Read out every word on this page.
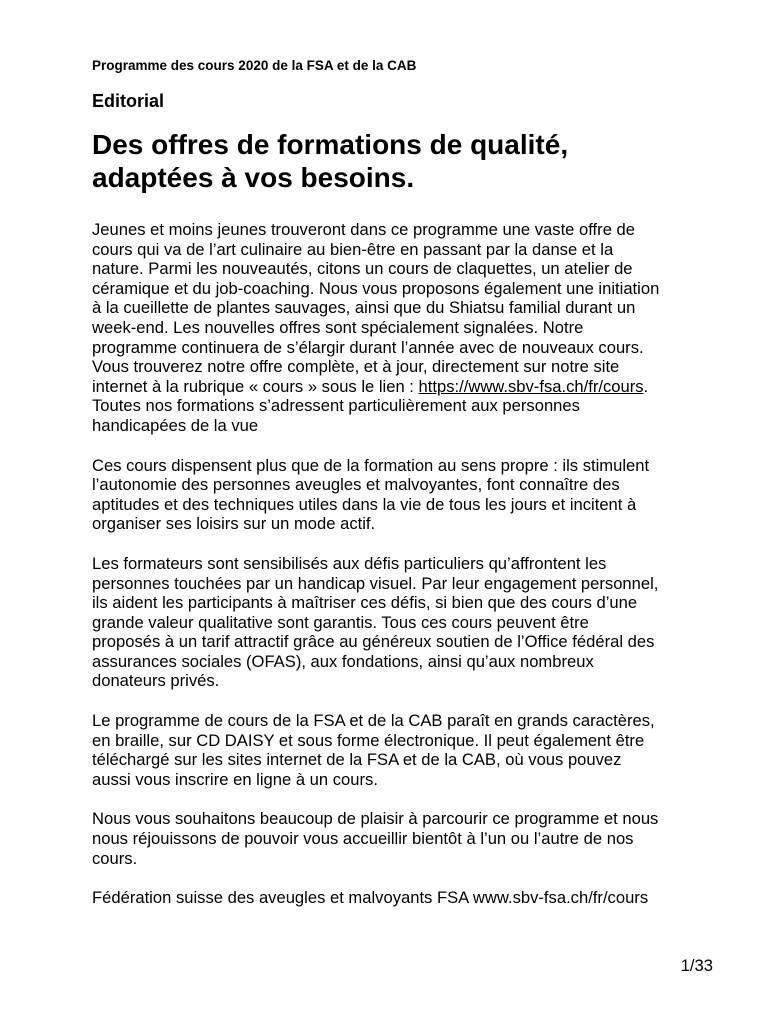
Programme des cours 2020 de la FSA et de la CAB
Editorial
Des offres de formations de qualité,
adaptées à vos besoins.

Jeunes et moins jeunes trouveront dans ce programme une vaste offre de
cours qui va de l’art culinaire au bien-être en passant par la danse et la
nature. Parmi les nouveautés, citons un cours de claquettes, un atelier de
céramique et du job-coaching. Nous vous proposons également une initiation
à la cueillette de plantes sauvages, ainsi que du Shiatsu familial durant un
week-end. Les nouvelles offres sont spécialement signalées. Notre
programme continuera de s’élargir durant l’année avec de nouveaux cours.
Vous trouverez notre offre complète, et à jour, directement sur notre site
internet à la rubrique « cours » sous le lien : https://www.sbv-fsa.ch/fr/cours.
Toutes nos formations s’adressent particulièrement aux personnes
handicapées de la vue

Ces cours dispensent plus que de la formation au sens propre : ils stimulent
l’autonomie des personnes aveugles et malvoyantes, font connaître des
aptitudes et des techniques utiles dans la vie de tous les jours et incitent à
organiser ses loisirs sur un mode actif.

Les formateurs sont sensibilisés aux défis particuliers qu’affrontent les
personnes touchées par un handicap visuel. Par leur engagement personnel,
ils aident les participants à maîtriser ces défis, si bien que des cours d’une
grande valeur qualitative sont garantis. Tous ces cours peuvent être
proposés à un tarif attractif grâce au généreux soutien de l’Office fédéral des
assurances sociales (OFAS), aux fondations, ainsi qu’aux nombreux
donateurs privés.

Le programme de cours de la FSA et de la CAB paraît en grands caractères,
en braille, sur CD DAISY et sous forme électronique. Il peut également être
téléchargé sur les sites internet de la FSA et de la CAB, où vous pouvez
aussi vous inscrire en ligne à un cours.

Nous vous souhaitons beaucoup de plaisir à parcourir ce programme et nous
nous réjouissons de pouvoir vous accueillir bientôt à l’un ou l’autre de nos
cours.

Fédération suisse des aveugles et malvoyants FSA www.sbv-fsa.ch/fr/cours

1/33
